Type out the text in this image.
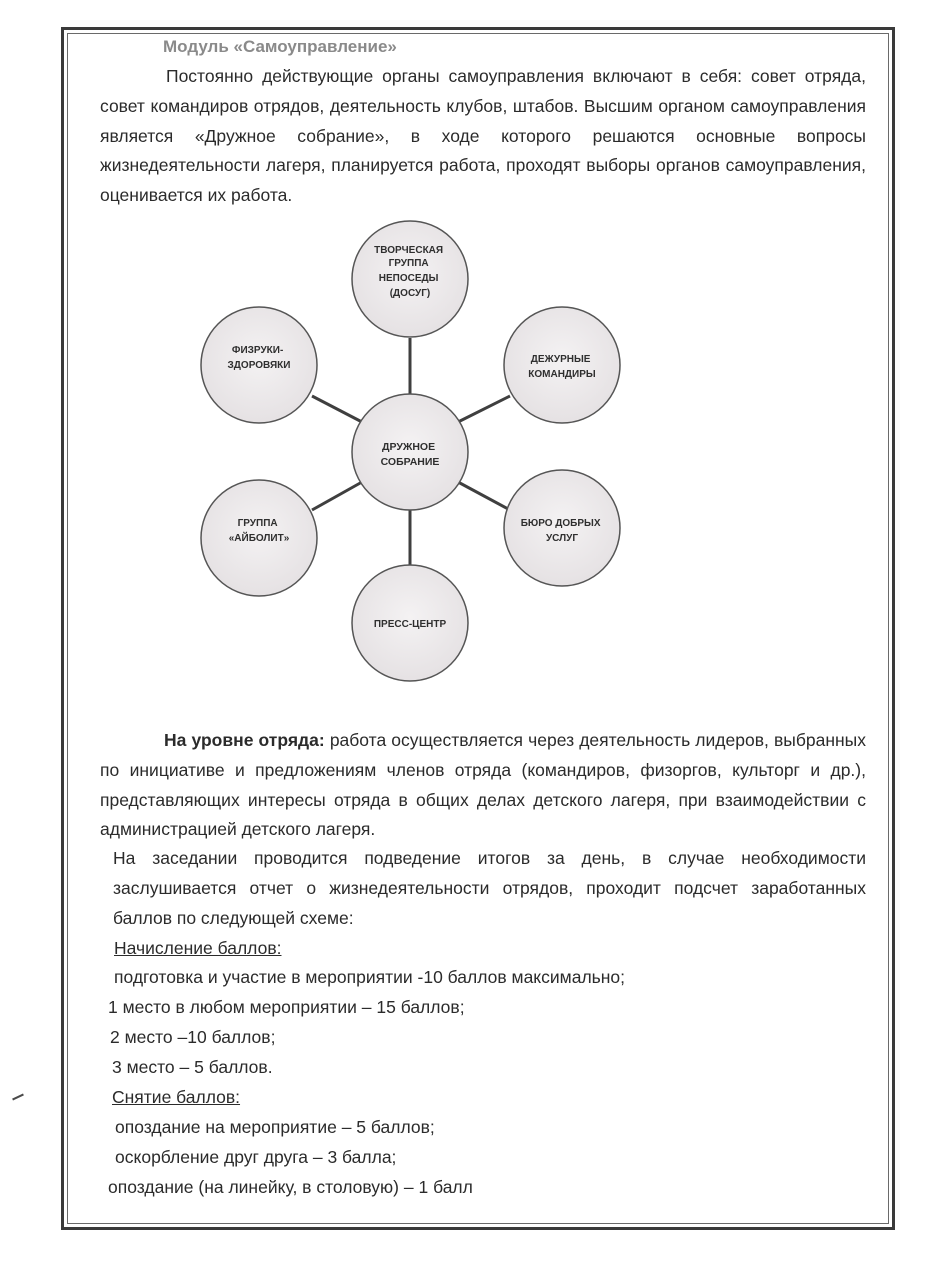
Модуль «Самоуправление»

Постоянно действующие органы самоуправления включают в себя: совет отряда, совет командиров отрядов, деятельность клубов, штабов. Высшим органом самоуправления является «Дружное собрание», в ходе которого решаются основные вопросы жизнедеятельности лагеря, планируется работа, проходят выборы органов самоуправления, оценивается их работа.

ДРУЖНОЕ СОБРАНИЕ
ТВОРЧЕСКАЯ ГРУППА НЕПОСЕДЫ (ДОСУГ)
ДЕЖУРНЫЕ КОМАНДИРЫ
БЮРО ДОБРЫХ УСЛУГ
ПРЕСС-ЦЕНТР
ГРУППА «АЙБОЛИТ»
ФИЗРУКИ- ЗДОРОВЯКИ

На уровне отряда: работа осуществляется через деятельность лидеров, выбранных по инициативе и предложениям членов отряда (командиров, физоргов, культорг и др.), представляющих интересы отряда в общих делах детского лагеря, при взаимодействии с администрацией детского лагеря.

На заседании проводится подведение итогов за день, в случае необходимости заслушивается отчет о жизнедеятельности отрядов, проходит подсчет заработанных баллов по следующей схеме:

Начисление баллов:
подготовка и участие в мероприятии -10 баллов максимально;
1 место в любом мероприятии – 15 баллов;
2 место –10 баллов;
3 место – 5 баллов.
Снятие баллов:
опоздание на мероприятие – 5 баллов;
оскорбление друг друга – 3 балла;
опоздание (на линейку, в столовую) – 1 балл
